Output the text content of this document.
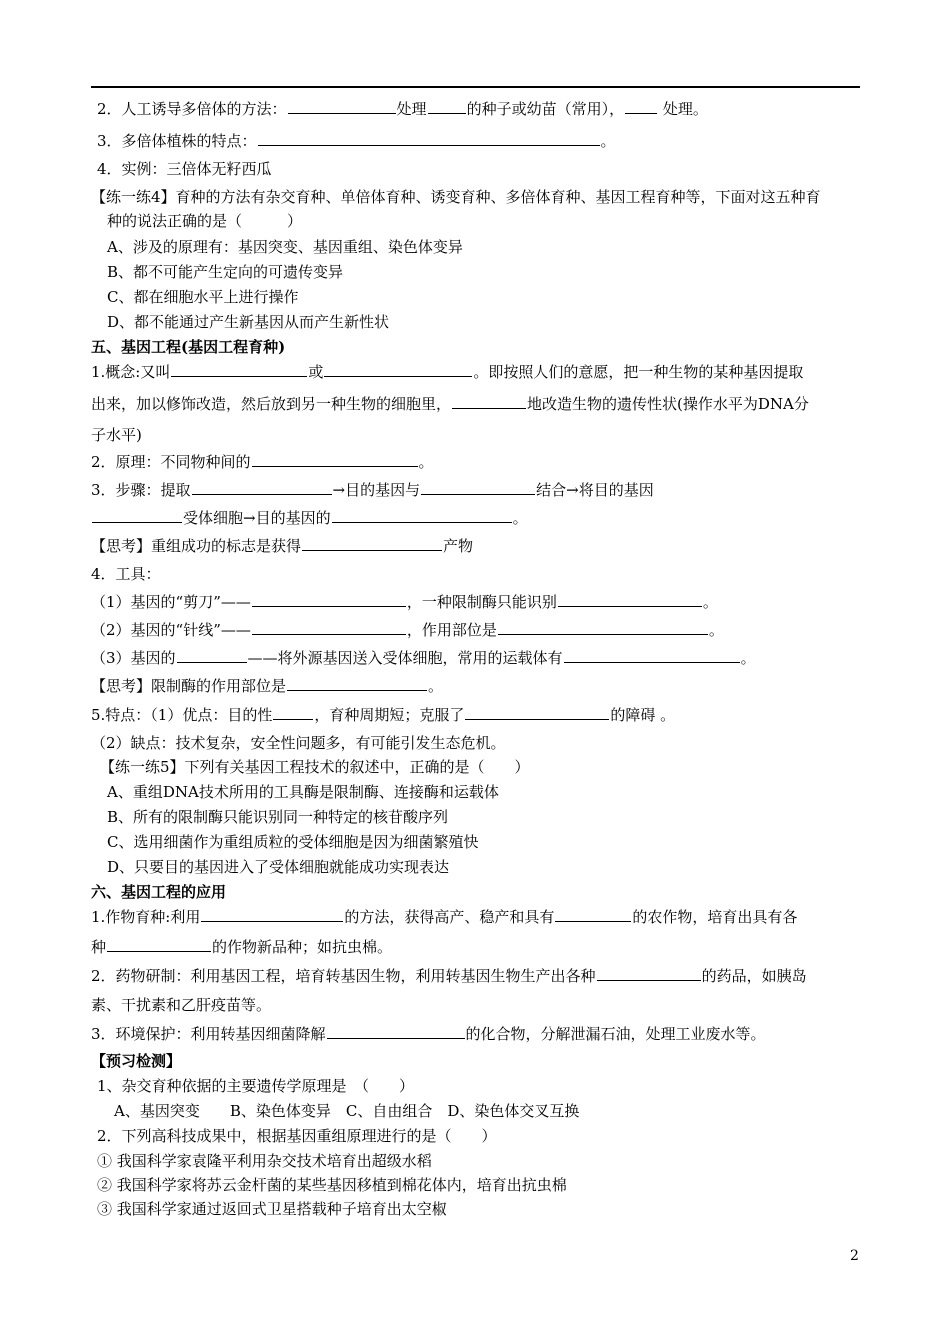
2．人工诱导多倍体的方法：	处理	的种子或幼苗（常用）， 处理。
3．多倍体植株的特点：	。
4．实例：三倍体无籽西瓜
【练一练4】育种的方法有杂交育种、单倍体育种、诱变育种、多倍体育种、基因工程育种等，下面对这五种育
种的说法正确的是（　　　）
A、涉及的原理有：基因突变、基因重组、染色体变异
B、都不可能产生定向的可遗传变异
C、都在细胞水平上进行操作
D、都不能通过产生新基因从而产生新性状
五、基因工程(基因工程育种)
1.概念:又叫	或	。即按照人们的意愿，把一种生物的某种基因提取
出来，加以修饰改造，然后放到另一种生物的细胞里，	地改造生物的遗传性状(操作水平为DNA分
子水平)
2．原理：不同物种间的	。
3．步骤：提取	→目的基因与	结合→将目的基因
受体细胞→目的基因的	。
【思考】重组成功的标志是获得	产物
4．工具：
（1）基因的“剪刀”——	，一种限制酶只能识别	。
（2）基因的“针线”——	，作用部位是	。
（3）基因的	——将外源基因送入受体细胞，常用的运载体有	。
【思考】限制酶的作用部位是	。
5.特点：（1）优点：目的性	，育种周期短；克服了	的障碍 。
（2）缺点：技术复杂，安全性问题多，有可能引发生态危机。
【练一练5】下列有关基因工程技术的叙述中，正确的是（　　）
A、重组DNA技术所用的工具酶是限制酶、连接酶和运载体
B、所有的限制酶只能识别同一种特定的核苷酸序列
C、选用细菌作为重组质粒的受体细胞是因为细菌繁殖快
D、只要目的基因进入了受体细胞就能成功实现表达
六、基因工程的应用
1.作物育种:利用	的方法，获得高产、稳产和具有	的农作物，培育出具有各
种	的作物新品种；如抗虫棉。
2．药物研制：利用基因工程，培育转基因生物，利用转基因生物生产出各种	的药品，如胰岛
素、干扰素和乙肝疫苗等。
3．环境保护：利用转基因细菌降解	的化合物，分解泄漏石油，处理工业废水等。
【预习检测】
1、杂交育种依据的主要遗传学原理是　（　　）
A、基因突变　　B、染色体变异　C、自由组合　D、染色体交叉互换
2．下列高科技成果中，根据基因重组原理进行的是（　　）
① 我国科学家袁隆平利用杂交技术培育出超级水稻
② 我国科学家将苏云金杆菌的某些基因移植到棉花体内，培育出抗虫棉
③ 我国科学家通过返回式卫星搭载种子培育出太空椒
2
